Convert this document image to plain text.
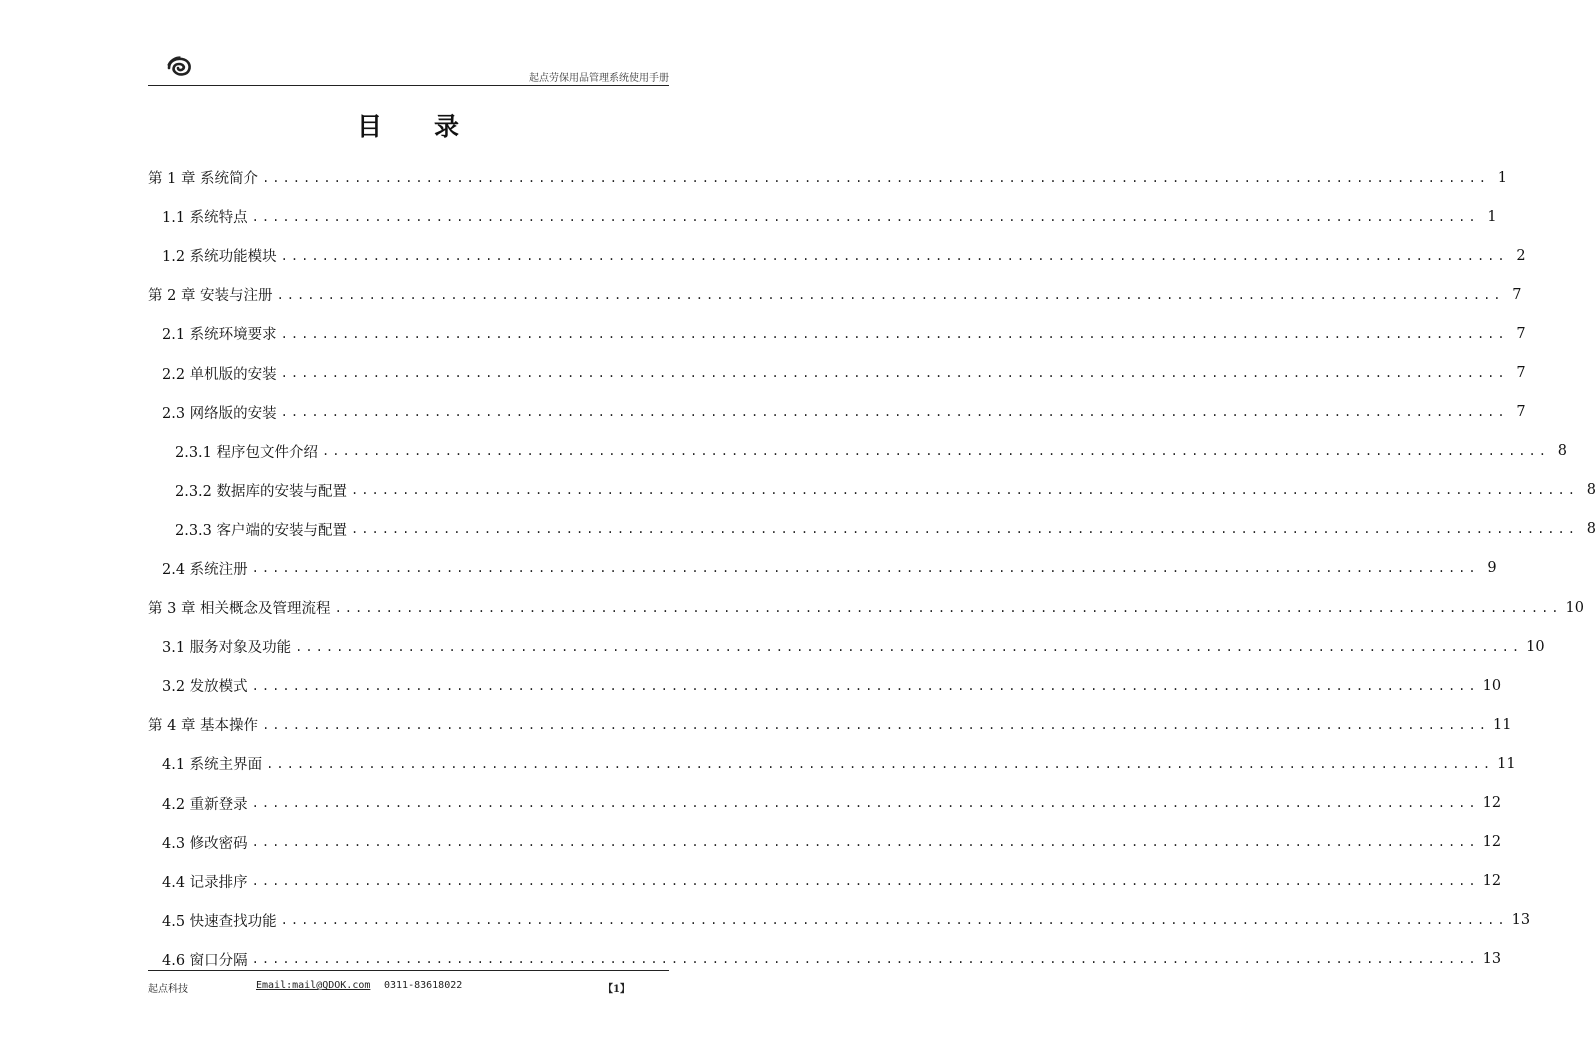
起点劳保用品管理系统使用手册
目录
第 1 章 系统简介 ........................................................................................................................ 1
1.1 系统特点 ........................................................................................................................ 1
1.2 系统功能模块 ........................................................................................................................ 2
第 2 章 安装与注册 ........................................................................................................................ 7
2.1 系统环境要求 ........................................................................................................................ 7
2.2 单机版的安装 ........................................................................................................................ 7
2.3 网络版的安装 ........................................................................................................................ 7
2.3.1 程序包文件介绍 ........................................................................................................................ 8
2.3.2 数据库的安装与配置 ........................................................................................................................ 8
2.3.3 客户端的安装与配置 ........................................................................................................................ 8
2.4 系统注册 ........................................................................................................................ 9
第 3 章 相关概念及管理流程 ........................................................................................................................ 10
3.1 服务对象及功能 ........................................................................................................................ 10
3.2 发放模式 ........................................................................................................................ 10
第 4 章 基本操作 ........................................................................................................................ 11
4.1 系统主界面 ........................................................................................................................ 11
4.2 重新登录 ........................................................................................................................ 12
4.3 修改密码 ........................................................................................................................ 12
4.4 记录排序 ........................................................................................................................ 12
4.5 快速查找功能 ........................................................................................................................ 13
4.6 窗口分隔 ........................................................................................................................ 13
起点科技	Email:mail@QDOK.com 0311-83618022	【1】
